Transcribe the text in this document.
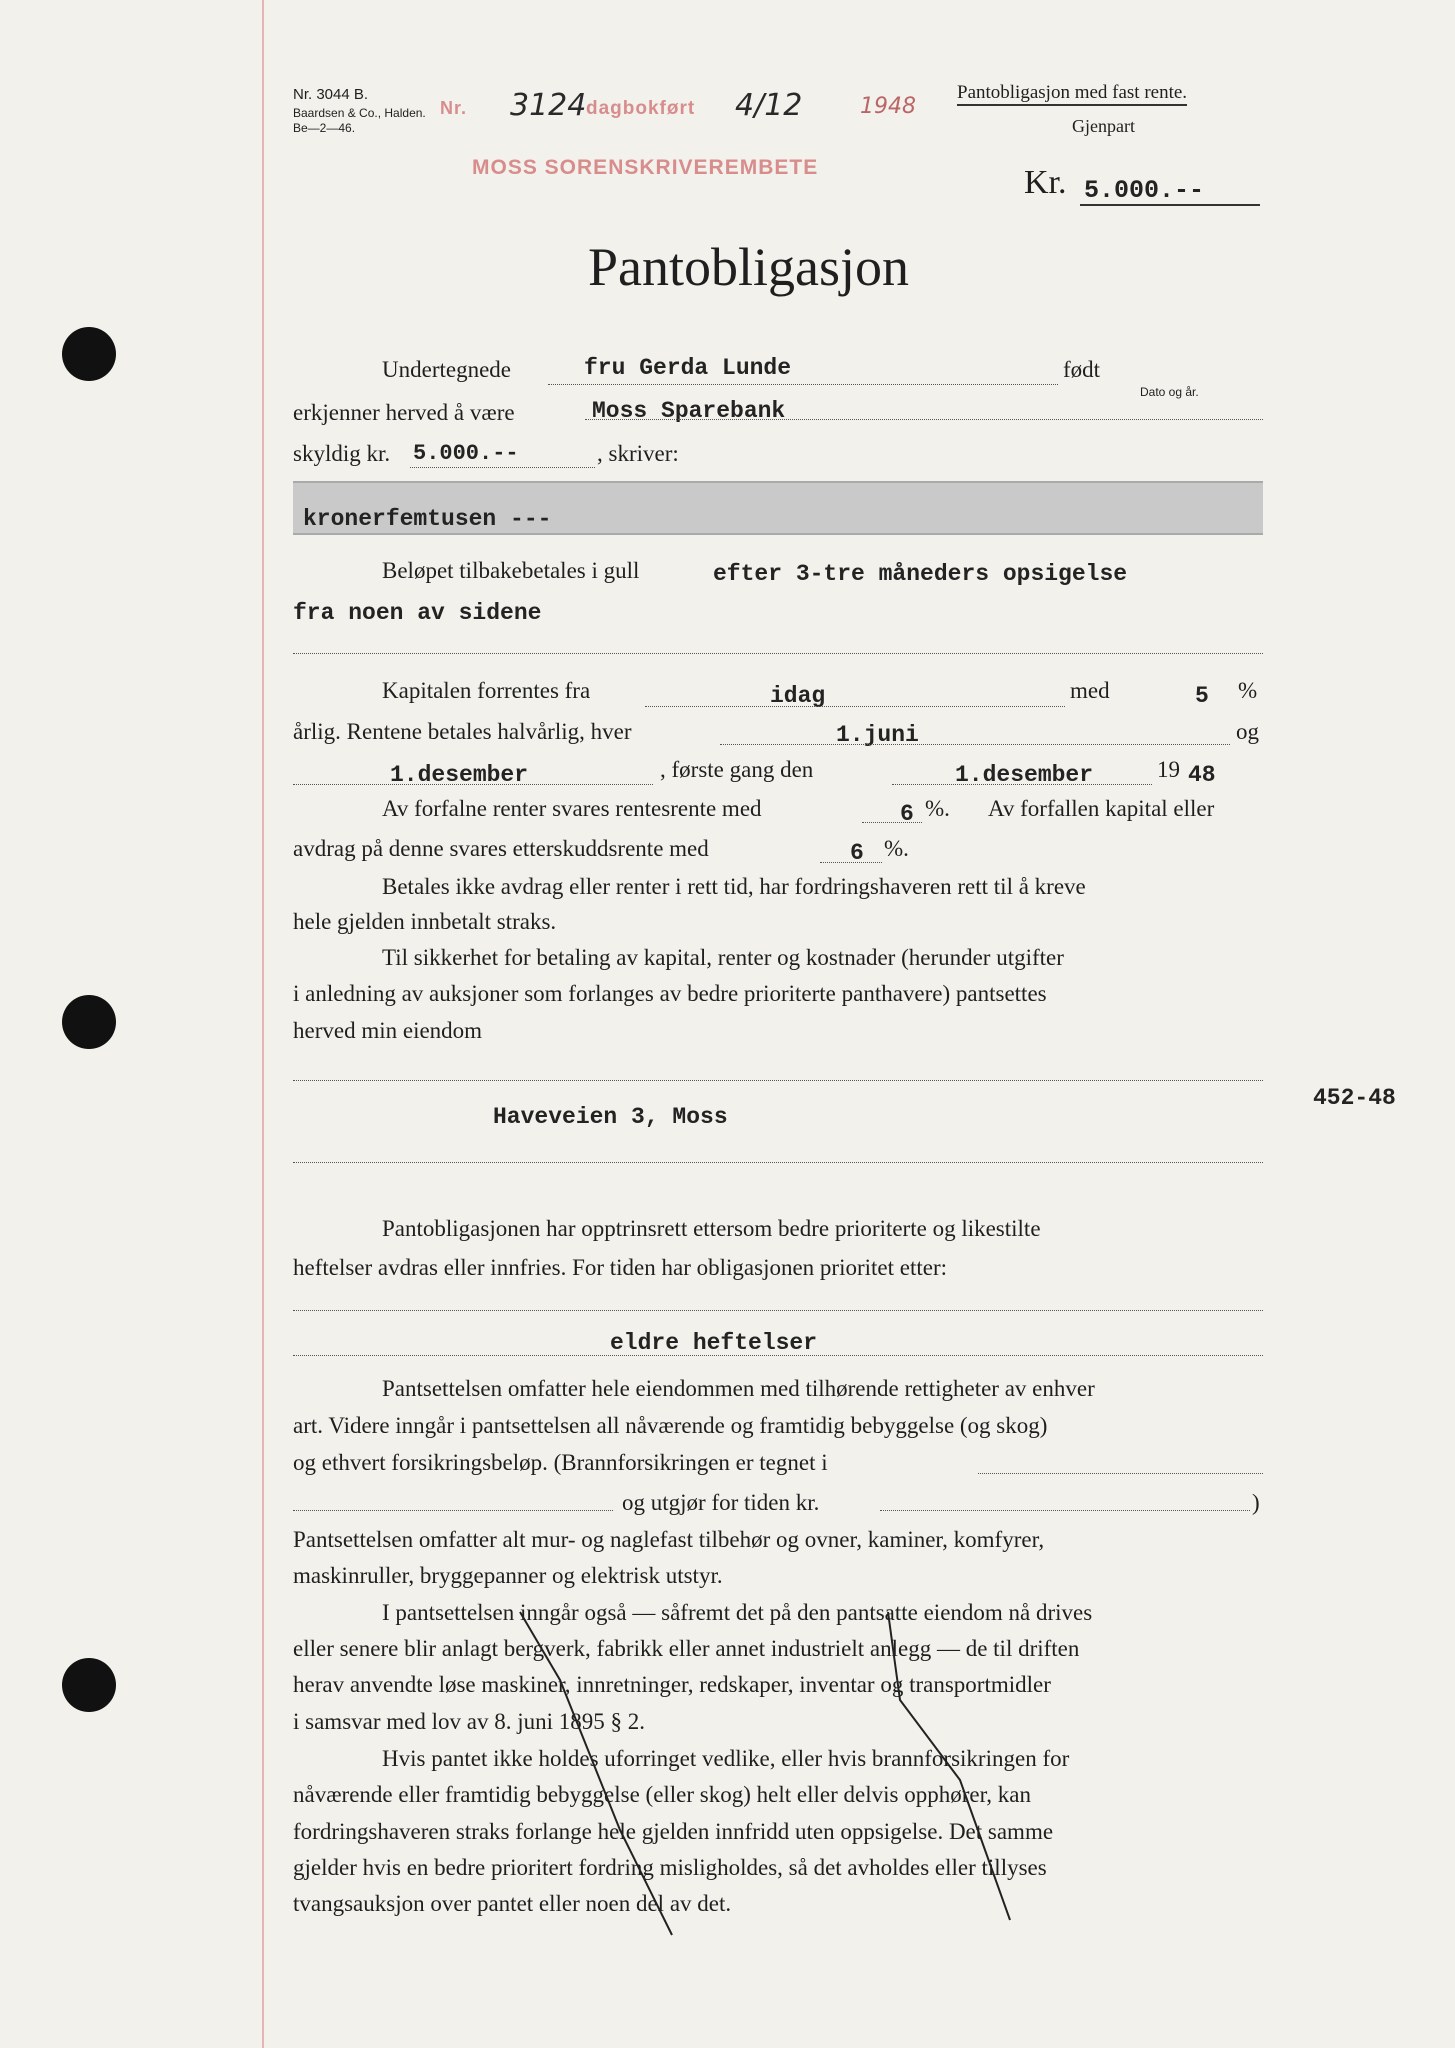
Nr. 3044 B.
Baardsen & Co., Halden.
Be—2—46.
Nr. 3124 dagbokført 4/12	1948
MOSS SORENSKRIVEREMBETE
Pantobligasjon med fast rente.
Gjenpart
Kr. 5.000.--
Pantobligasjon
Undertegnede	fru Gerda Lunde	født
Dato og år.
erkjenner herved å være	Moss Sparebank
skyldig kr. 5.000.--	, skriver:
kronerfemtusen ---
Beløpet tilbakebetales i gull	efter 3-tre måneders opsigelse
fra noen av sidene
Kapitalen forrentes fra	idag	med	5 %
årlig. Rentene betales halvårlig, hver	1.juni	og
1.desember	, første gang den	1.desember	19 48
Av forfalne renter svares rentesrente med	6 %. Av forfallen kapital eller
avdrag på denne svares etterskuddsrente med	6 %.
Betales ikke avdrag eller renter i rett tid, har fordringshaveren rett til å kreve
hele gjelden innbetalt straks.
Til sikkerhet for betaling av kapital, renter og kostnader (herunder utgifter
i anledning av auksjoner som forlanges av bedre prioriterte panthavere) pantsettes
herved min eiendom
Haveveien 3, Moss
452-48
Pantobligasjonen har opptrinsrett ettersom bedre prioriterte og likestilte
heftelser avdras eller innfries. For tiden har obligasjonen prioritet etter:
eldre heftelser
Pantsettelsen omfatter hele eiendommen med tilhørende rettigheter av enhver
art. Videre inngår i pantsettelsen all nåværende og framtidig bebyggelse (og skog)
og ethvert forsikringsbeløp. (Brannforsikringen er tegnet i
og utgjør for tiden kr.	)
Pantsettelsen omfatter alt mur- og naglefast tilbehør og ovner, kaminer, komfyrer,
maskinruller, bryggepanner og elektrisk utstyr.
I pantsettelsen inngår også — såfremt det på den pantsatte eiendom nå drives
eller senere blir anlagt bergverk, fabrikk eller annet industrielt anlegg — de til driften
herav anvendte løse maskiner, innretninger, redskaper, inventar og transportmidler
i samsvar med lov av 8. juni 1895 § 2.
Hvis pantet ikke holdes uforringet vedlike, eller hvis brannforsikringen for
nåværende eller framtidig bebyggelse (eller skog) helt eller delvis opphører, kan
fordringshaveren straks forlange hele gjelden innfridd uten oppsigelse. Det samme
gjelder hvis en bedre prioritert fordring misligholdes, så det avholdes eller tillyses
tvangsauksjon over pantet eller noen del av det.
